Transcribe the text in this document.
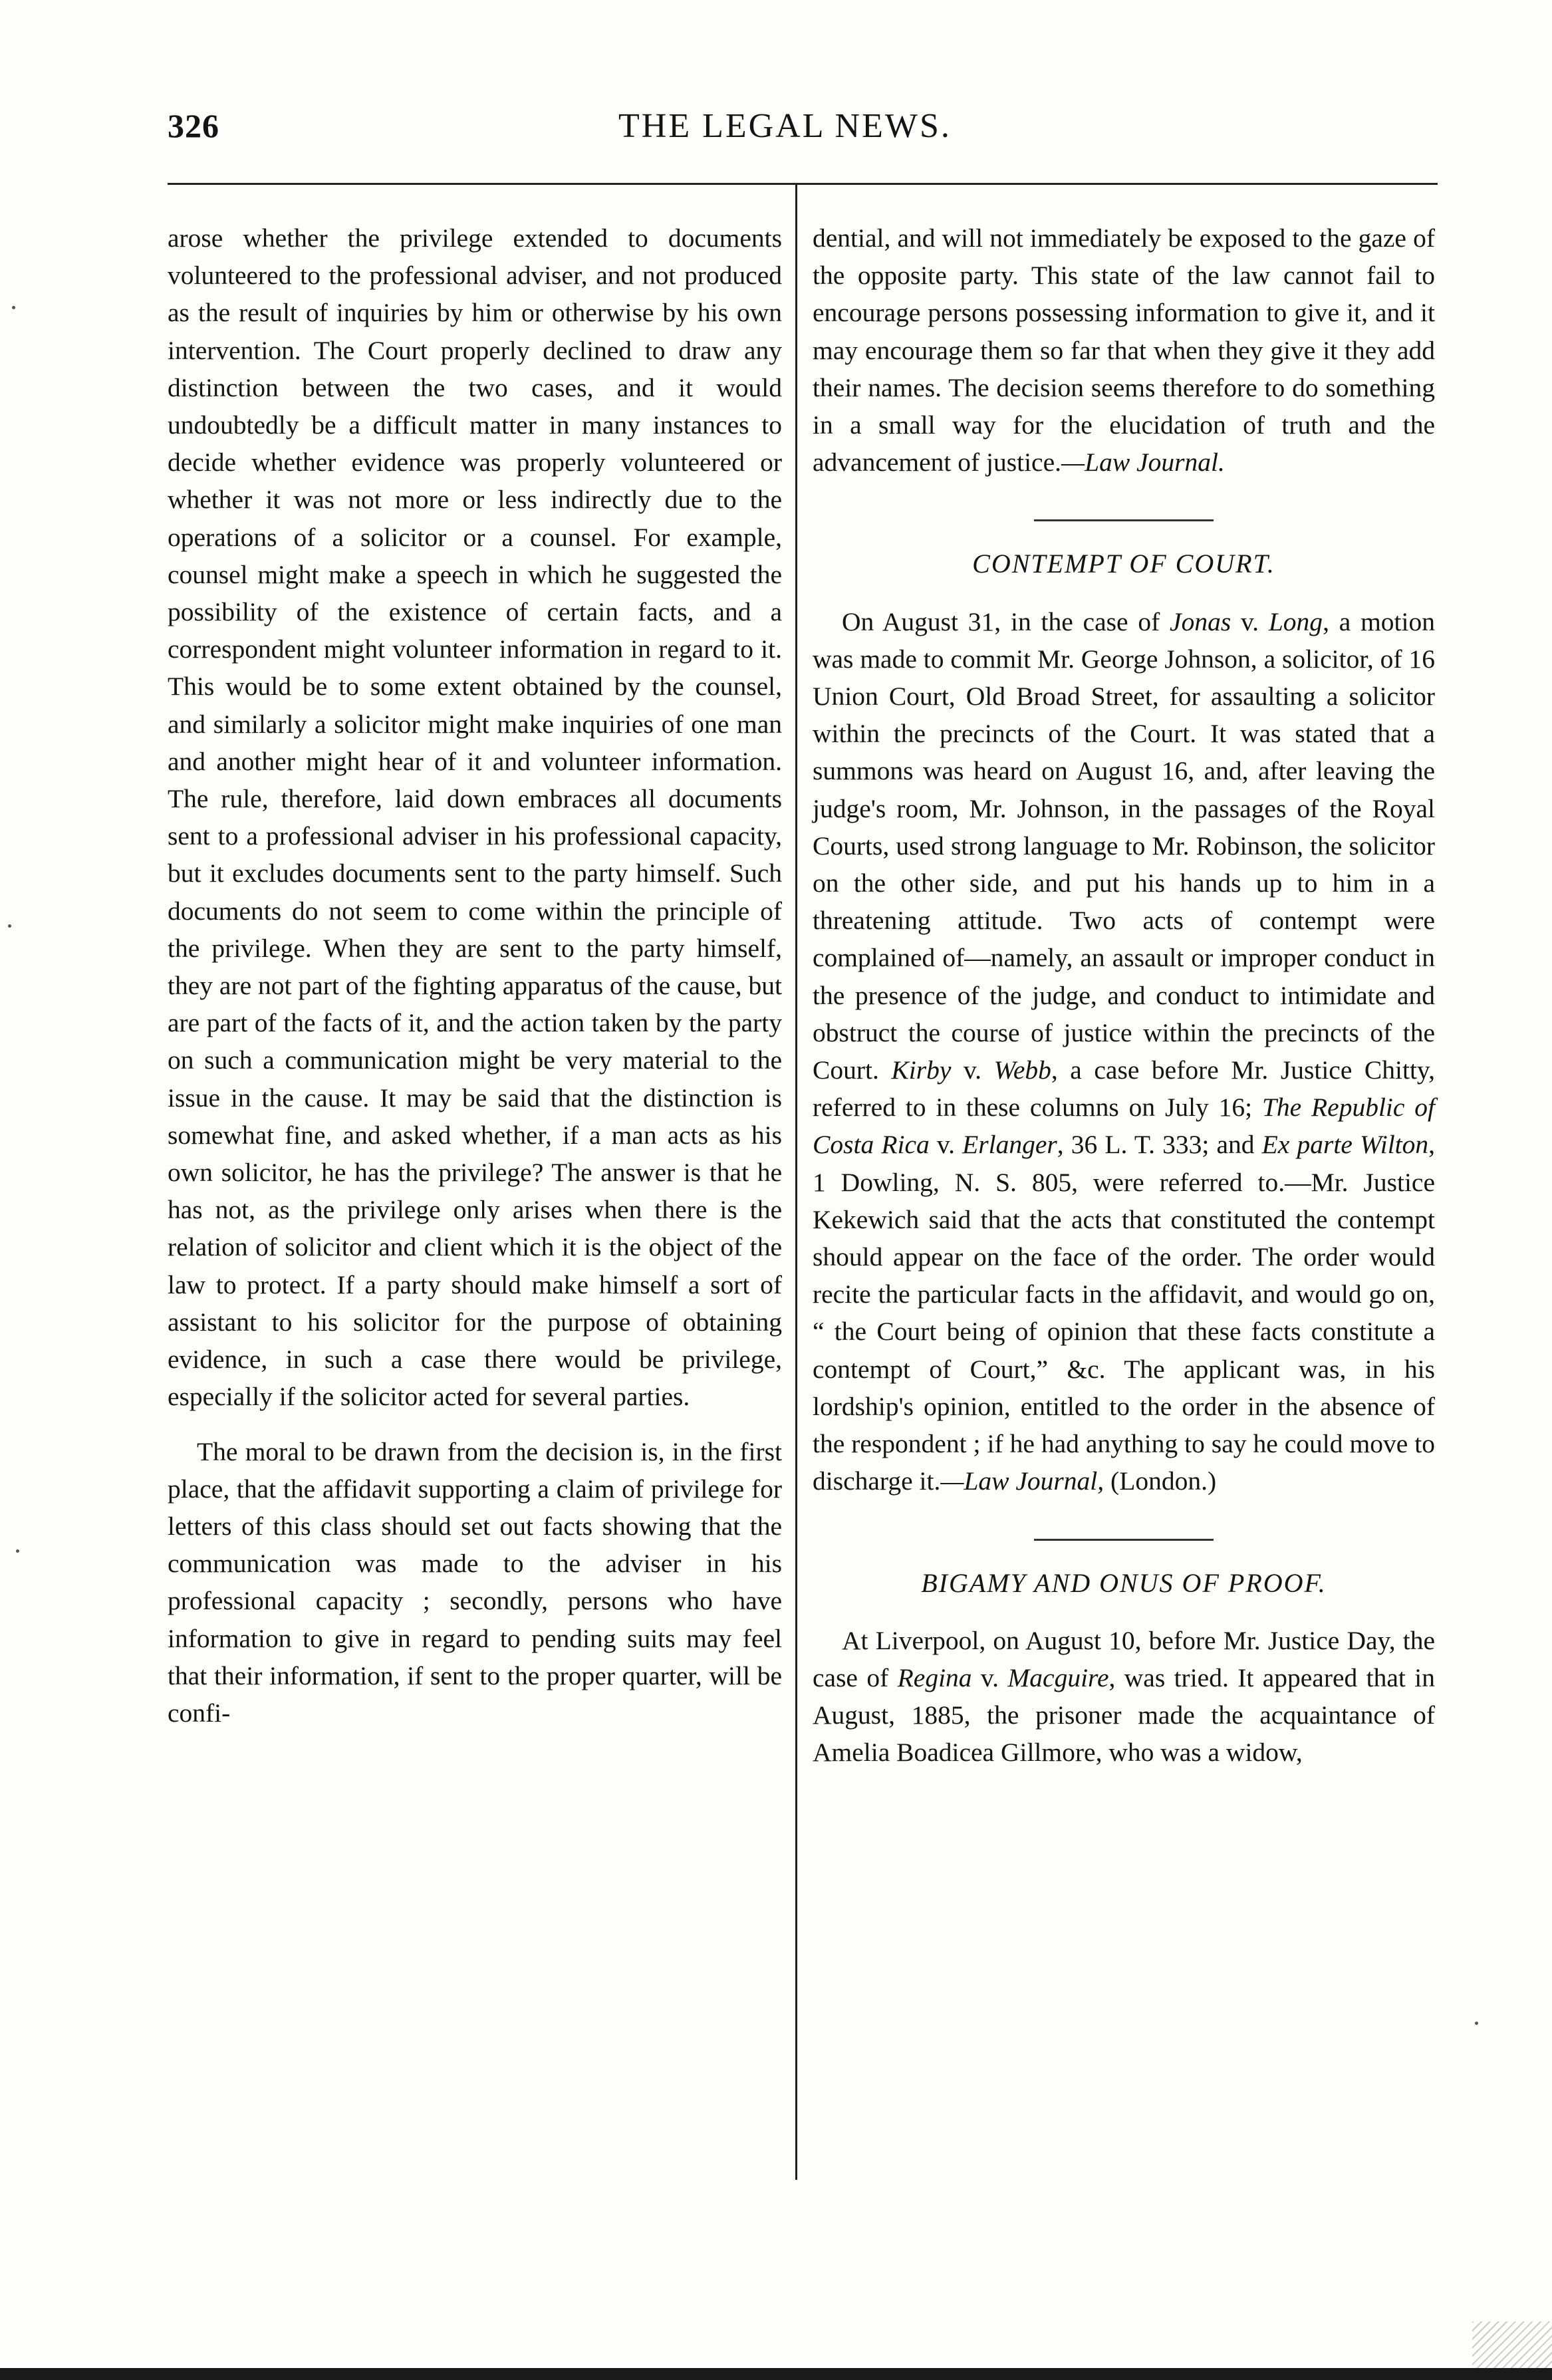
326	THE LEGAL NEWS.

arose whether the privilege extended to documents volunteered to the professional adviser, and not produced as the result of inquiries by him or otherwise by his own intervention. The Court properly declined to draw any distinction between the two cases, and it would undoubtedly be a difficult matter in many instances to decide whether evidence was properly volunteered or whether it was not more or less indirectly due to the operations of a solicitor or a counsel. For example, counsel might make a speech in which he suggested the possibility of the existence of certain facts, and a correspondent might volunteer information in regard to it. This would be to some extent obtained by the counsel, and similarly a solicitor might make inquiries of one man and another might hear of it and volunteer information. The rule, therefore, laid down embraces all documents sent to a professional adviser in his professional capacity, but it excludes documents sent to the party himself. Such documents do not seem to come within the principle of the privilege. When they are sent to the party himself, they are not part of the fighting apparatus of the cause, but are part of the facts of it, and the action taken by the party on such a communication might be very material to the issue in the cause. It may be said that the distinction is somewhat fine, and asked whether, if a man acts as his own solicitor, he has the privilege? The answer is that he has not, as the privilege only arises when there is the relation of solicitor and client which it is the object of the law to protect. If a party should make himself a sort of assistant to his solicitor for the purpose of obtaining evidence, in such a case there would be privilege, especially if the solicitor acted for several parties.

The moral to be drawn from the decision is, in the first place, that the affidavit supporting a claim of privilege for letters of this class should set out facts showing that the communication was made to the adviser in his professional capacity ; secondly, persons who have information to give in regard to pending suits may feel that their information, if sent to the proper quarter, will be confi-

dential, and will not immediately be exposed to the gaze of the opposite party. This state of the law cannot fail to encourage persons possessing information to give it, and it may encourage them so far that when they give it they add their names. The decision seems therefore to do something in a small way for the elucidation of truth and the advancement of justice.—Law Journal.

CONTEMPT OF COURT.

On August 31, in the case of Jonas v. Long, a motion was made to commit Mr. George Johnson, a solicitor, of 16 Union Court, Old Broad Street, for assaulting a solicitor within the precincts of the Court. It was stated that a summons was heard on August 16, and, after leaving the judge's room, Mr. Johnson, in the passages of the Royal Courts, used strong language to Mr. Robinson, the solicitor on the other side, and put his hands up to him in a threatening attitude. Two acts of contempt were complained of—namely, an assault or improper conduct in the presence of the judge, and conduct to intimidate and obstruct the course of justice within the precincts of the Court. Kirby v. Webb, a case before Mr. Justice Chitty, referred to in these columns on July 16; The Republic of Costa Rica v. Erlanger, 36 L. T. 333; and Ex parte Wilton, 1 Dowling, N. S. 805, were referred to.—Mr. Justice Kekewich said that the acts that constituted the contempt should appear on the face of the order. The order would recite the particular facts in the affidavit, and would go on, “ the Court being of opinion that these facts constitute a contempt of Court,” &c. The applicant was, in his lordship's opinion, entitled to the order in the absence of the respondent ; if he had anything to say he could move to discharge it.—Law Journal, (London.)

BIGAMY AND ONUS OF PROOF.

At Liverpool, on August 10, before Mr. Justice Day, the case of Regina v. Macguire, was tried. It appeared that in August, 1885, the prisoner made the acquaintance of Amelia Boadicea Gillmore, who was a widow,
